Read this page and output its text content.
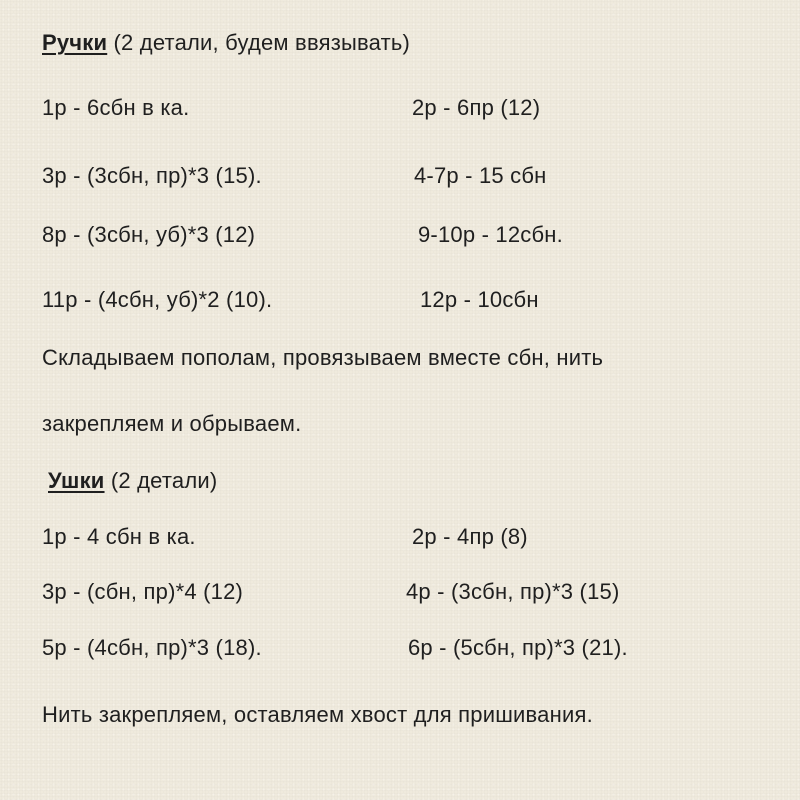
Ручки (2 детали, будем ввязывать)
1р - 6сбн в ка.	2р - 6пр (12)
3р - (3сбн, пр)*3 (15).	4-7р - 15 сбн
8р - (3сбн, уб)*3 (12)	9-10р - 12сбн.
11р - (4сбн, уб)*2 (10).	12р - 10сбн
Складываем пополам, провязываем вместе сбн, нить
закрепляем и обрываем.
Ушки (2 детали)
1р - 4 сбн в ка.	2р - 4пр (8)
3р - (сбн, пр)*4 (12)	4р - (3сбн, пр)*3 (15)
5р - (4сбн, пр)*3 (18).	6р - (5сбн, пр)*3 (21).
Нить закрепляем, оставляем хвост для пришивания.
